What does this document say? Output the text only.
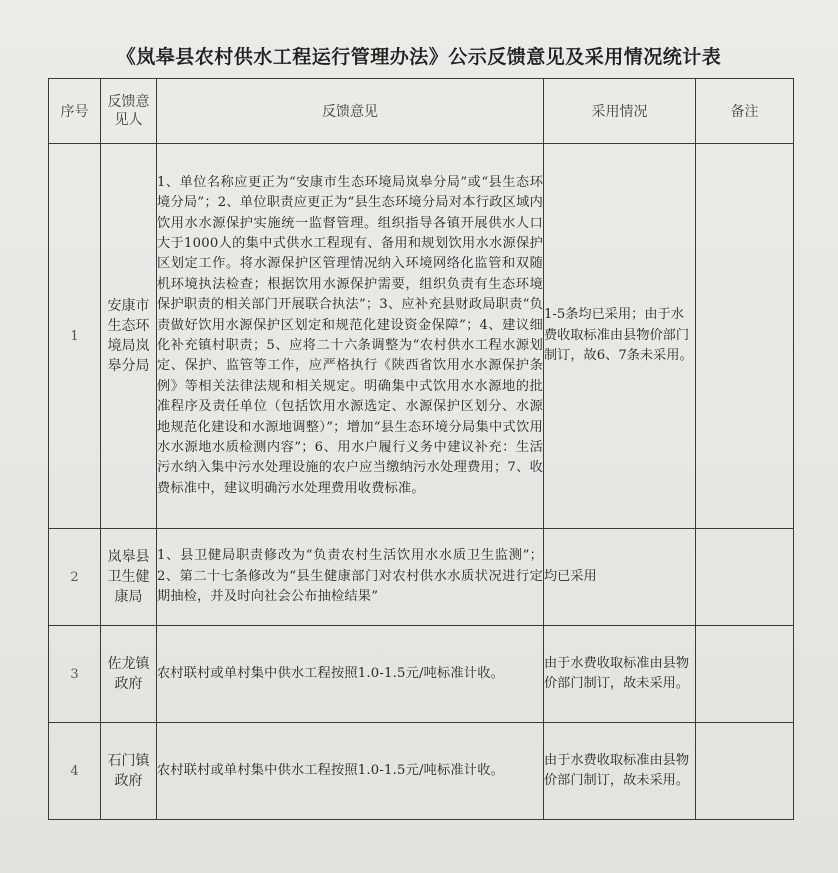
《岚皋县农村供水工程运行管理办法》公示反馈意见及采用情况统计表
序号	反馈意见人	反馈意见	采用情况	备注
1	安康市生态环境局岚皋分局	1、单位名称应更正为“安康市生态环境局岚皋分局”或“县生态环境分局”；2、单位职责应更正为“县生态环境分局对本行政区域内饮用水水源保护实施统一监督管理。组织指导各镇开展供水人口大于1000人的集中式供水工程现有、备用和规划饮用水水源保护区划定工作。将水源保护区管理情况纳入环境网络化监管和双随机环境执法检查；根据饮用水源保护需要，组织负责有生态环境保护职责的相关部门开展联合执法”；3、应补充县财政局职责“负责做好饮用水源保护区划定和规范化建设资金保障”；4、建议细化补充镇村职责；5、应将二十六条调整为“农村供水工程水源划定、保护、监管等工作，应严格执行《陕西省饮用水水源保护条例》等相关法律法规和相关规定。明确集中式饮用水水源地的批准程序及责任单位（包括饮用水源选定、水源保护区划分、水源地规范化建设和水源地调整）”；增加“县生态环境分局集中式饮用水水源地水质检测内容”；6、用水户履行义务中建议补充：生活污水纳入集中污水处理设施的农户应当缴纳污水处理费用；7、收费标准中，建议明确污水处理费用收费标准。	1-5条均已采用；由于水费收取标准由县物价部门制订，故6、7条未采用。	
2	岚皋县卫生健康局	1、县卫健局职责修改为“负责农村生活饮用水水质卫生监测”；2、第二十七条修改为“县生健康部门对农村供水水质状况进行定期抽检，并及时向社会公布抽检结果”	均已采用	
3	佐龙镇政府	农村联村或单村集中供水工程按照1.0-1.5元/吨标准计收。	由于水费收取标准由县物价部门制订，故未采用。	
4	石门镇政府	农村联村或单村集中供水工程按照1.0-1.5元/吨标准计收。	由于水费收取标准由县物价部门制订，故未采用。	
